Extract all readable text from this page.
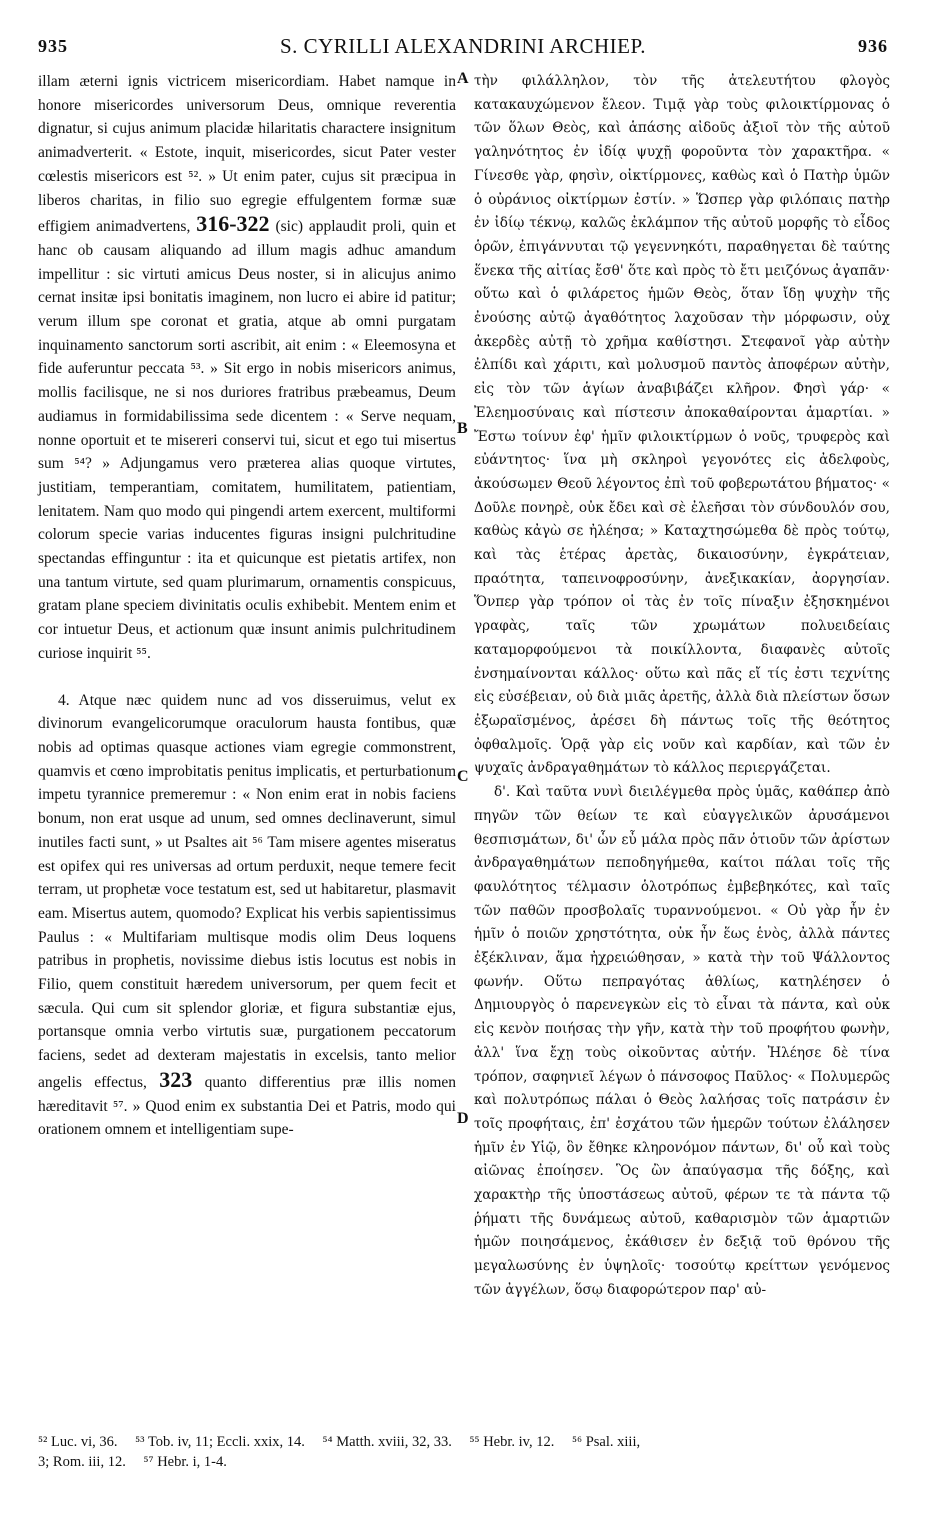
935	S. CYRILLI ALEXANDRINI ARCHIEP.	936

illam æterni ignis victricem misericordiam. Habet namque in honore misericordes universorum Deus, omnique reverentia dignatur, si cujus animum placidæ hilaritatis charactere insignitum animadverterit. « Estote, inquit, misericordes, sicut Pater vester cœlestis misericors est ⁵². » Ut enim pater, cujus sit præcipua in liberos charitas, in filio suo egregie effulgentem formæ suæ effigiem animadvertens, 316-322 (sic) applaudit proli, quin et hanc ob causam aliquando ad illum magis adhuc amandum impellitur : sic virtuti amicus Deus noster, si in alicujus animo cernat insitæ ipsi bonitatis imaginem, non lucro ei abire id patitur; verum illum spe coronat et gratia, atque ab omni purgatam inquinamento sanctorum sorti ascribit, ait enim : « Eleemosyna et fide auferuntur peccata ⁵³. » Sit ergo in nobis misericors animus, mollis facilisque, ne si nos duriores fratribus præbeamus, Deum audiamus in formidabilissima sede dicentem : « Serve nequam, nonne oportuit et te misereri conservi tui, sicut et ego tui misertus sum ⁵⁴? » Adjungamus vero præterea alias quoque virtutes, justitiam, temperantiam, comitatem, humilitatem, patientiam, lenitatem. Nam quo modo qui pingendi artem exercent, multiformi colorum specie varias inducentes figuras insigni pulchritudine spectandas effinguntur : ita et quicunque est pietatis artifex, non una tantum virtute, sed quam plurimarum, ornamentis conspicuus, gratam plane speciem divinitatis oculis exhibebit. Mentem enim et cor intuetur Deus, et actionum quæ insunt animis pulchritudinem curiose inquirit ⁵⁵.

4. Atque næc quidem nunc ad vos disseruimus, velut ex divinorum evangelicorumque oraculorum hausta fontibus, quæ nobis ad optimas quasque actiones viam egregie commonstrent, quamvis et cœno improbitatis penitus implicatis, et perturbationum impetu tyrannice premeremur : « Non enim erat in nobis faciens bonum, non erat usque ad unum, sed omnes declinaverunt, simul inutiles facti sunt, » ut Psaltes ait ⁵⁶ Tam misere agentes miseratus est opifex qui res universas ad ortum perduxit, neque temere fecit terram, ut prophetæ voce testatum est, sed ut habitaretur, plasmavit eam. Misertus autem, quomodo? Explicat his verbis sapientissimus Paulus : « Multifariam multisque modis olim Deus loquens patribus in prophetis, novissime diebus istis locutus est nobis in Filio, quem constituit hæredem universorum, per quem fecit et sæcula. Qui cum sit splendor gloriæ, et figura substantiæ ejus, portansque omnia verbo virtutis suæ, purgationem peccatorum faciens, sedet ad dexteram majestatis in excelsis, tanto melior angelis effectus, 323 quanto differentius præ illis nomen hæreditavit ⁵⁷. » Quod enim ex substantia Dei et Patris, modo qui orationem omnem et intelligentiam supe-

A
B
C
D

τὴν φιλάλληλον, τὸν τῆς ἀτελευτήτου φλογὸς κατακαυχώμενον ἔλεον. Τιμᾷ γὰρ τοὺς φιλοικτίρμονας ὁ τῶν ὅλων Θεὸς, καὶ ἁπάσης αἰδοῦς ἀξιοῖ τὸν τῆς αὐτοῦ γαληνότητος ἐν ἰδίᾳ ψυχῇ φοροῦντα τὸν χαρακτῆρα. « Γίνεσθε γὰρ, φησὶν, οἰκτίρμονες, καθὼς καὶ ὁ Πατὴρ ὑμῶν ὁ οὐράνιος οἰκτίρμων ἐστίν. » Ὥσπερ γὰρ φιλόπαις πατὴρ ἐν ἰδίῳ τέκνῳ, καλῶς ἐκλάμπον τῆς αὐτοῦ μορφῆς τὸ εἶδος ὁρῶν, ἐπιγάννυται τῷ γεγεννηκότι, παραθηγεται δὲ ταύτης ἕνεκα τῆς αἰτίας ἔσθ' ὅτε καὶ πρὸς τὸ ἔτι μειζόνως ἀγαπᾶν· οὕτω καὶ ὁ φιλάρετος ἡμῶν Θεὸς, ὅταν ἴδῃ ψυχὴν τῆς ἐνούσης αὐτῷ ἀγαθότητος λαχοῦσαν τὴν μόρφωσιν, οὐχ ἀκερδὲς αὐτῇ τὸ χρῆμα καθίστησι. Στεφανοῖ γὰρ αὐτὴν ἐλπίδι καὶ χάριτι, καὶ μολυσμοῦ παντὸς ἀποφέρων αὐτὴν, εἰς τὸν τῶν ἁγίων ἀναβιβάζει κλῆρον. Φησὶ γάρ· « Ἐλεημοσύναις καὶ πίστεσιν ἀποκαθαίρονται ἁμαρτίαι. » Ἔστω τοίνυν ἐφ' ἡμῖν φιλοικτίρμων ὁ νοῦς, τρυφερὸς καὶ εὐάντητος· ἵνα μὴ σκληροὶ γεγονότες εἰς ἀδελφοὺς, ἀκούσωμεν Θεοῦ λέγοντος ἐπὶ τοῦ φοβερωτάτου βήματος· « Δοῦλε πονηρὲ, οὐκ ἔδει καὶ σὲ ἐλεῆσαι τὸν σύνδουλόν σου, καθὼς κἀγὼ σε ἠλέησα; » Καταχτησώμεθα δὲ πρὸς τούτῳ, καὶ τὰς ἑτέρας ἀρετὰς, δικαιοσύνην, ἐγκράτειαν, πραότητα, ταπεινοφροσύνην, ἀνεξικακίαν, ἀοργησίαν. Ὅνπερ γὰρ τρόπον οἱ τὰς ἐν τοῖς πίναξιν ἐξησκημένοι γραφὰς, ταῖς τῶν χρωμάτων πολυειδείαις καταμορφούμενοι τὰ ποικίλλοντα, διαφανὲς αὐτοῖς ἐνσημαίνονται κάλλος· οὕτω καὶ πᾶς εἴ τίς ἐστι τεχνίτης εἰς εὐσέβειαν, οὐ διὰ μιᾶς ἀρετῆς, ἀλλὰ διὰ πλείστων ὅσων ἐξωραϊσμένος, ἀρέσει δὴ πάντως τοῖς τῆς θεότητος ὀφθαλμοῖς. Ὁρᾷ γὰρ εἰς νοῦν καὶ καρδίαν, καὶ τῶν ἐν ψυχαῖς ἀνδραγαθημάτων τὸ κάλλος περιεργάζεται.

δ'. Καὶ ταῦτα νυνὶ διειλέγμεθα πρὸς ὑμᾶς, καθάπερ ἀπὸ πηγῶν τῶν θείων τε καὶ εὐαγγελικῶν ἀρυσάμενοι θεσπισμάτων, δι' ὧν εὖ μάλα πρὸς πᾶν ὁτιοῦν τῶν ἀρίστων ἀνδραγαθημάτων πεποδηγήμεθα, καίτοι πάλαι τοῖς τῆς φαυλότητος τέλμασιν ὁλοτρόπως ἐμβεβηκότες, καὶ ταῖς τῶν παθῶν προσβολαῖς τυραννούμενοι. « Οὐ γὰρ ἦν ἐν ἡμῖν ὁ ποιῶν χρηστότητα, οὐκ ἦν ἕως ἑνὸς, ἀλλὰ πάντες ἐξέκλιναν, ἅμα ἠχρειώθησαν, » κατὰ τὴν τοῦ Ψάλλοντος φωνήν. Οὕτω πεπραγότας ἀθλίως, κατηλέησεν ὁ Δημιουργὸς ὁ παρενεγκὼν εἰς τὸ εἶναι τὰ πάντα, καὶ οὐκ εἰς κενὸν ποιήσας τὴν γῆν, κατὰ τὴν τοῦ προφήτου φωνὴν, ἀλλ' ἵνα ἔχῃ τοὺς οἰκοῦντας αὐτήν. Ἠλέησε δὲ τίνα τρόπον, σαφηνιεῖ λέγων ὁ πάνσοφος Παῦλος· « Πολυμερῶς καὶ πολυτρόπως πάλαι ὁ Θεὸς λαλήσας τοῖς πατράσιν ἐν τοῖς προφήταις, ἐπ' ἐσχάτου τῶν ἡμερῶν τούτων ἐλάλησεν ἡμῖν ἐν Υἱῷ, ὃν ἔθηκε κληρονόμον πάντων, δι' οὗ καὶ τοὺς αἰῶνας ἐποίησεν. Ὃς ὢν ἀπαύγασμα τῆς δόξης, καὶ χαρακτὴρ τῆς ὑποστάσεως αὐτοῦ, φέρων τε τὰ πάντα τῷ ῥήματι τῆς δυνάμεως αὐτοῦ, καθαρισμὸν τῶν ἁμαρτιῶν ἡμῶν ποιησάμενος, ἐκάθισεν ἐν δεξιᾷ τοῦ θρόνου τῆς μεγαλωσύνης ἐν ὑψηλοῖς· τοσούτῳ κρείττων γενόμενος τῶν ἀγγέλων, ὅσῳ διαφορώτερον παρ' αὐ-

⁵² Luc. vi, 36. ⁵³ Tob. iv, 11; Eccli. xxix, 14. ⁵⁴ Matth. xviii, 32, 33. ⁵⁵ Hebr. iv, 12. ⁵⁶ Psal. xiii,
3; Rom. iii, 12. ⁵⁷ Hebr. i, 1-4.
